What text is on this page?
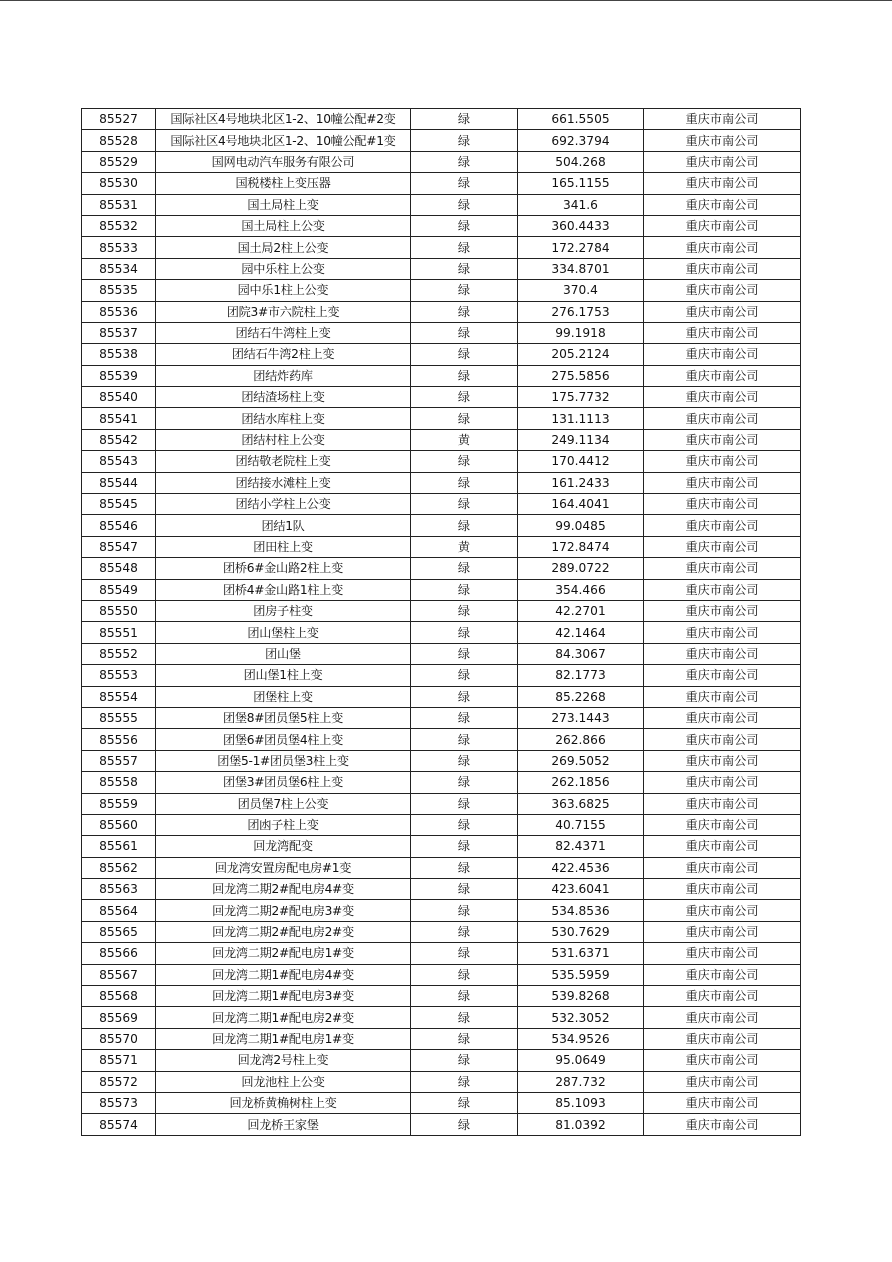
85527	国际社区4号地块北区1-2、10幢公配#2变	绿	661.5505	重庆市南公司
85528	国际社区4号地块北区1-2、10幢公配#1变	绿	692.3794	重庆市南公司
85529	国网电动汽车服务有限公司	绿	504.268	重庆市南公司
85530	国税楼柱上变压器	绿	165.1155	重庆市南公司
85531	国土局柱上变	绿	341.6	重庆市南公司
85532	国土局柱上公变	绿	360.4433	重庆市南公司
85533	国土局2柱上公变	绿	172.2784	重庆市南公司
85534	园中乐柱上公变	绿	334.8701	重庆市南公司
85535	园中乐1柱上公变	绿	370.4	重庆市南公司
85536	团院3#市六院柱上变	绿	276.1753	重庆市南公司
85537	团结石牛湾柱上变	绿	99.1918	重庆市南公司
85538	团结石牛湾2柱上变	绿	205.2124	重庆市南公司
85539	团结炸药库	绿	275.5856	重庆市南公司
85540	团结渣场柱上变	绿	175.7732	重庆市南公司
85541	团结水库柱上变	绿	131.1113	重庆市南公司
85542	团结村柱上公变	黄	249.1134	重庆市南公司
85543	团结敬老院柱上变	绿	170.4412	重庆市南公司
85544	团结接水滩柱上变	绿	161.2433	重庆市南公司
85545	团结小学柱上公变	绿	164.4041	重庆市南公司
85546	团结1队	绿	99.0485	重庆市南公司
85547	团田柱上变	黄	172.8474	重庆市南公司
85548	团桥6#金山路2柱上变	绿	289.0722	重庆市南公司
85549	团桥4#金山路1柱上变	绿	354.466	重庆市南公司
85550	团房子柱变	绿	42.2701	重庆市南公司
85551	团山堡柱上变	绿	42.1464	重庆市南公司
85552	团山堡	绿	84.3067	重庆市南公司
85553	团山堡1柱上变	绿	82.1773	重庆市南公司
85554	团堡柱上变	绿	85.2268	重庆市南公司
85555	团堡8#团员堡5柱上变	绿	273.1443	重庆市南公司
85556	团堡6#团员堡4柱上变	绿	262.866	重庆市南公司
85557	团堡5-1#团员堡3柱上变	绿	269.5052	重庆市南公司
85558	团堡3#团员堡6柱上变	绿	262.1856	重庆市南公司
85559	团员堡7柱上公变	绿	363.6825	重庆市南公司
85560	团凼子柱上变	绿	40.7155	重庆市南公司
85561	回龙湾配变	绿	82.4371	重庆市南公司
85562	回龙湾安置房配电房#1变	绿	422.4536	重庆市南公司
85563	回龙湾二期2#配电房4#变	绿	423.6041	重庆市南公司
85564	回龙湾二期2#配电房3#变	绿	534.8536	重庆市南公司
85565	回龙湾二期2#配电房2#变	绿	530.7629	重庆市南公司
85566	回龙湾二期2#配电房1#变	绿	531.6371	重庆市南公司
85567	回龙湾二期1#配电房4#变	绿	535.5959	重庆市南公司
85568	回龙湾二期1#配电房3#变	绿	539.8268	重庆市南公司
85569	回龙湾二期1#配电房2#变	绿	532.3052	重庆市南公司
85570	回龙湾二期1#配电房1#变	绿	534.9526	重庆市南公司
85571	回龙湾2号柱上变	绿	95.0649	重庆市南公司
85572	回龙池柱上公变	绿	287.732	重庆市南公司
85573	回龙桥黄桷树柱上变	绿	85.1093	重庆市南公司
85574	回龙桥王家堡	绿	81.0392	重庆市南公司
